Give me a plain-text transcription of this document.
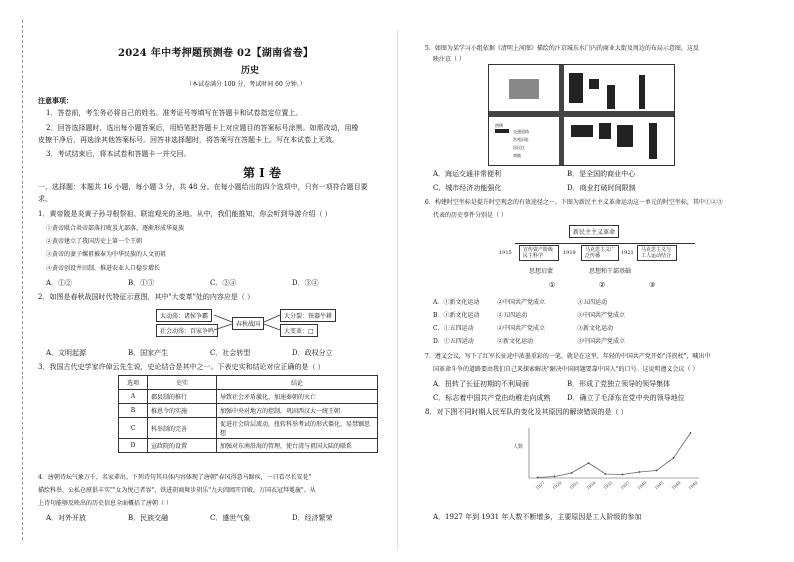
2024 年中考押题预测卷 02【湖南省卷】
历史
（本试卷满分 100 分，考试时间 60 分钟。）
注意事项：
1．答卷前，考生务必将自己的姓名、准考证号等填写在答题卡和试卷指定位置上。
2．回答选择题时，选出每小题答案后，用铅笔把答题卡上对应题目的答案标号涂黑。如需改动，用橡
皮擦干净后，再选涂其他答案标号。回答非选择题时，将答案写在答题卡上。写在本试卷上无效。
3．考试结束后，将本试卷和答题卡一并交回。
第 I 卷
一、选择题：本题共 16 小题，每小题 3 分，共 48 分。在每小题给出的四个选项中，只有一项符合题目要
求。
1．黄帝陵是炎黄子孙寻根祭祖、联谊观光的圣地。从中，我们能推知，你会听到导游介绍（ ）
①黄帝联合炎帝部落打败蚩尤部落，逐渐形成华夏族
②黄帝建立了我国历史上第一个王朝
③黄帝的妻子嫘祖被奉为中华民族的人文初祖
④黄帝创设井田制，推进农业人口稳步增长
A．①②	B．①③	C．②④	D．③④
2．如图是春秋战国时代特征示意图，其中"大变革"处的内容应是（ ）
大动荡：诸侯争霸
社会动荡：百家争鸣
春秋战国
大分裂：铁器牛耕
大变革：□
A．文明起源	B．国家产生	C．社会转型	D．政权分立
3．我国古代史学家许倬云先生说，史论结合是其中之一。下表史实和结论对应正确的是（ ）
选项	史实	结论
A	郡县制的推行	导致社会矛盾激化，加速秦朝的灭亡
B	推恩令的实施	加强中央对地方的控制，巩固西汉大一统王朝
C	科举制的完善	促进社会阶层流动，扭转科举考试的形式僵化，易禁锢思想
D	宣政院的设置	加强对东南沿海的管理，使台湾与祖国大陆的联系
4．唐朝诗坛气象万千，名家辈出。下列诗句其具体内容体现了唐朝"春风得意马蹄疾，一日看尽长安花"
描绘科举，公私仓廪俱丰实""女为悦己者容"，铁进胡商舞步胡乐"九天阊阖开宫殿，万国衣冠拜冕旒"。从
上诗句能够反映出的历史信息全面概括了唐朝（ ）
A．对外开放	B．民族交融	C．盛世气象	D．经济繁荣
5．如图为某学习小组依据《清明上河图》描绘的汴京城东水门内的商业大街及周边的布局示意图，这反
映汴京（ ）
图例
交通道路
宫苑旧址
居民区
商铺
A．海运交通非常便利	B．是全国的商业中心
C．城市经济功能强化	D．商业打破时间限制
6．构建时空坐标是提升时空观念的有效途径之一。下图为新民主主义革命运动这一单元的时空坐标，其中①②③
代表的历史事件分别是（ ）
新民主主义革命
1915	宣传资产阶级民主科学	1919	马克思主义广泛传播	1921	马克思主义与工人运动结合
思想启蒙	思想和干部基础
①	②	③
A．①新文化运动	②中国共产党成立	③五四运动
B．①新文化运动	②五四运动	③中国共产党成立
C．①五四运动	②中国共产党成立	③新文化运动
D．①五四运动	②新文化运动	③中国共产党成立
7．遵义会议，写下了红军长征途中浓墨重彩的一笔，就是在这里，年轻的中国共产党开始"洋拐杖"，喊出中
国革命斗争的道路要由我们自己来探索解决"解决中国问题要靠中国人"的口号。这说明遵义会议（ ）
A．扭转了长征初期的不利局面	B．形成了党独立领导的领导集体
C．标志着中国共产党由幼稚走向成熟 D．确立了毛泽东在党中央的领导地位
8．对下图不同时期人民军队的变化及其原因的解读错误的是（ ）
人数
1927 1929 1931 1934 1935 1937 1940 1945 1948 1949
A．1927 年到 1931 年人数不断增多，主要原因是工人阶级的参加
